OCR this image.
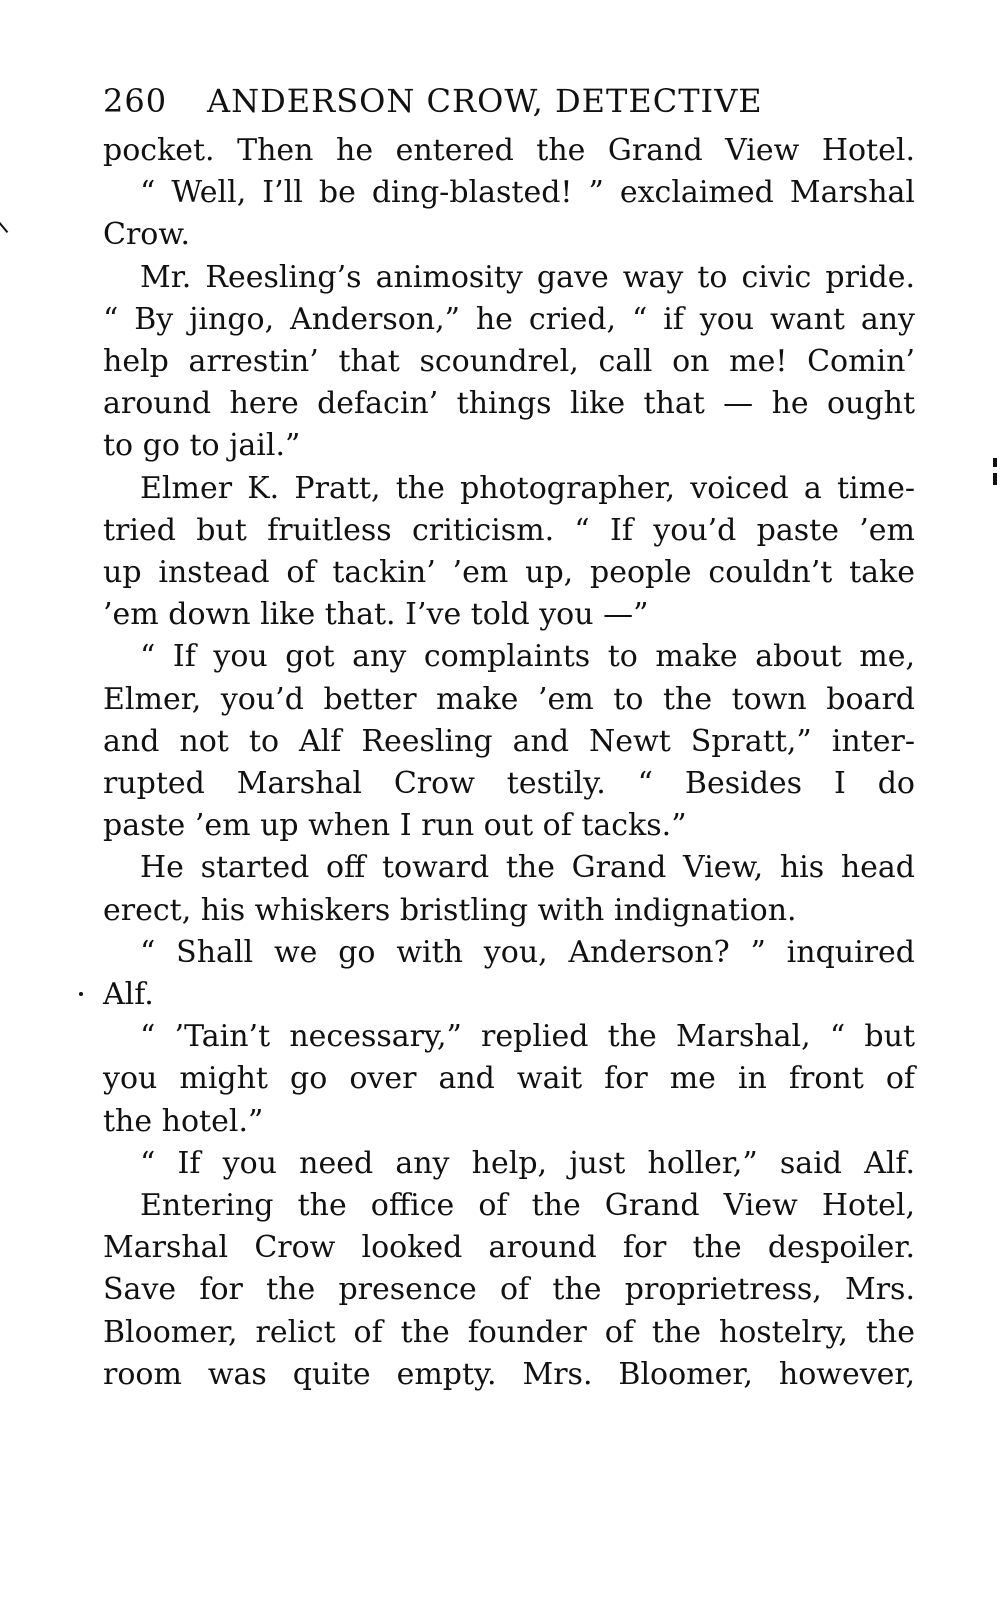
260 ANDERSON CROW, DETECTIVE

pocket. Then he entered the Grand View Hotel.

“ Well, I’ll be ding-blasted! ” exclaimed Marshal
Crow.

Mr. Reesling’s animosity gave way to civic pride.
“ By jingo, Anderson,” he cried, “ if you want any
help arrestin’ that scoundrel, call on me! Comin’
around here defacin’ things like that — he ought
to go to jail.”

Elmer K. Pratt, the photographer, voiced a time-
tried but fruitless criticism. “ If you’d paste ’em
up instead of tackin’ ’em up, people couldn’t take
’em down like that. I’ve told you —”

“ If you got any complaints to make about me,
Elmer, you’d better make ’em to the town board
and not to Alf Reesling and Newt Spratt,” inter-
rupted Marshal Crow testily. “ Besides I do
paste ’em up when I run out of tacks.”

He started off toward the Grand View, his head
erect, his whiskers bristling with indignation.

“ Shall we go with you, Anderson? ” inquired
Alf.

“ ’Tain’t necessary,” replied the Marshal, “ but
you might go over and wait for me in front of
the hotel.”

“ If you need any help, just holler,” said Alf.

Entering the office of the Grand View Hotel,
Marshal Crow looked around for the despoiler.
Save for the presence of the proprietress, Mrs.
Bloomer, relict of the founder of the hostelry, the
room was quite empty. Mrs. Bloomer, however,
